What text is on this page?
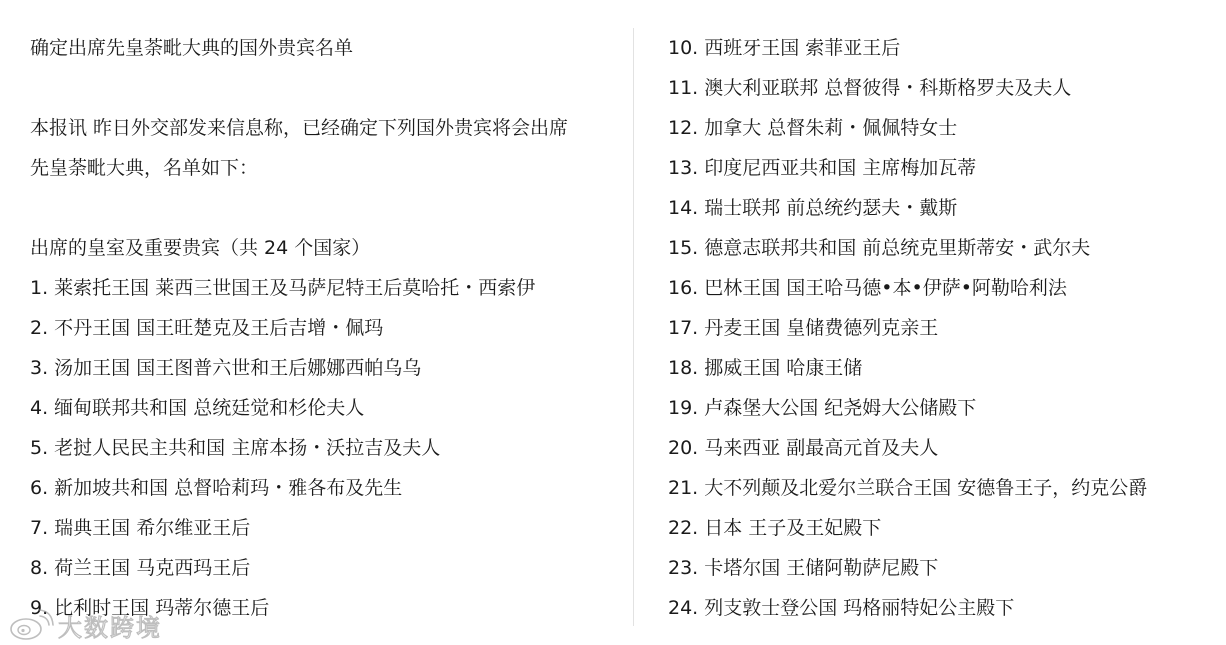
确定出席先皇荼毗大典的国外贵宾名单
本报讯 昨日外交部发来信息称，已经确定下列国外贵宾将会出席
先皇荼毗大典，名单如下：
出席的皇室及重要贵宾（共 24 个国家）
1. 莱索托王国 莱西三世国王及马萨尼特王后莫哈托・西索伊
2. 不丹王国 国王旺楚克及王后吉增・佩玛
3. 汤加王国 国王图普六世和王后娜娜西帕乌乌
4. 缅甸联邦共和国 总统廷觉和杉伦夫人
5. 老挝人民民主共和国 主席本扬・沃拉吉及夫人
6. 新加坡共和国 总督哈莉玛・雅各布及先生
7. 瑞典王国 希尔维亚王后
8. 荷兰王国 马克西玛王后
9. 比利时王国 玛蒂尔德王后
10. 西班牙王国 索菲亚王后
11. 澳大利亚联邦 总督彼得・科斯格罗夫及夫人
12. 加拿大 总督朱莉・佩佩特女士
13. 印度尼西亚共和国 主席梅加瓦蒂
14. 瑞士联邦 前总统约瑟夫・戴斯
15. 德意志联邦共和国 前总统克里斯蒂安・武尔夫
16. 巴林王国 国王哈马德•本•伊萨•阿勒哈利法
17. 丹麦王国 皇储费德列克亲王
18. 挪威王国 哈康王储
19. 卢森堡大公国 纪尧姆大公储殿下
20. 马来西亚 副最高元首及夫人
21. 大不列颠及北爱尔兰联合王国 安德鲁王子，约克公爵
22. 日本 王子及王妃殿下
23. 卡塔尔国 王储阿勒萨尼殿下
24. 列支敦士登公国 玛格丽特妃公主殿下
大数跨境
